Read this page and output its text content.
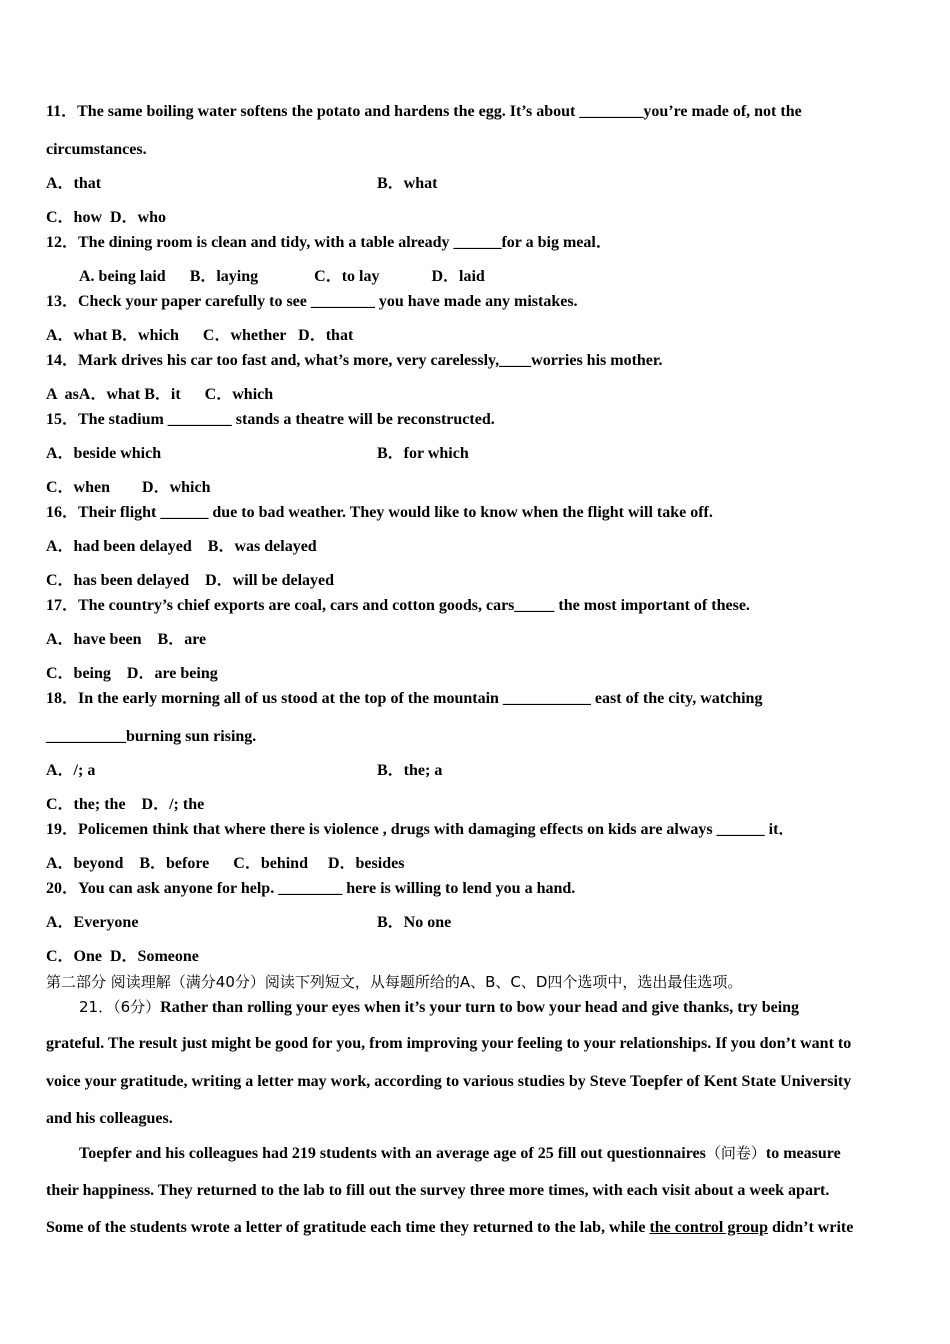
11．The same boiling water softens the potato and hardens the egg. It’s about ________you’re made of, not the
circumstances.
A．that	B．what
C．how  D．who
12．The dining room is clean and tidy, with a table already ______for a big meal．
A. being laid      B．laying              C．to lay             D．laid
13．Check your paper carefully to see ________ you have made any mistakes.
A．what B．which      C．whether   D．that
14．Mark drives his car too fast and, what’s more, very carelessly,____worries his mother.
A  asA．what B．it      C．which
15．The stadium ________ stands a theatre will be reconstructed.
A．beside which	B．for which
C．when        D．which
16．Their flight ______ due to bad weather. They would like to know when the flight will take off.
A．had been delayed    B．was delayed
C．has been delayed    D．will be delayed
17．The country’s chief exports are coal, cars and cotton goods, cars_____ the most important of these.
A．have been    B．are
C．being    D．are being
18．In the early morning all of us stood at the top of the mountain ___________ east of the city, watching
__________burning sun rising.
A．/; a	B．the; a
C．the; the    D．/; the
19．Policemen think that where there is violence , drugs with damaging effects on kids are always ______ it．
A．beyond    B．before      C．behind     D．besides
20．You can ask anyone for help. ________ here is willing to lend you a hand.
A．Everyone	B．No one
C．One  D．Someone
第二部分 阅读理解（满分40分）阅读下列短文，从每题所给的A、B、C、D四个选项中，选出最佳选项。
21．（6分）Rather than rolling your eyes when it’s your turn to bow your head and give thanks, try being
grateful. The result just might be good for you, from improving your feeling to your relationships. If you don’t want to
voice your gratitude, writing a letter may work, according to various studies by Steve Toepfer of Kent State University
and his colleagues.
Toepfer and his colleagues had 219 students with an average age of 25 fill out questionnaires（问卷）to measure
their happiness. They returned to the lab to fill out the survey three more times, with each visit about a week apart.
Some of the students wrote a letter of gratitude each time they returned to the lab, while the control group didn’t write
